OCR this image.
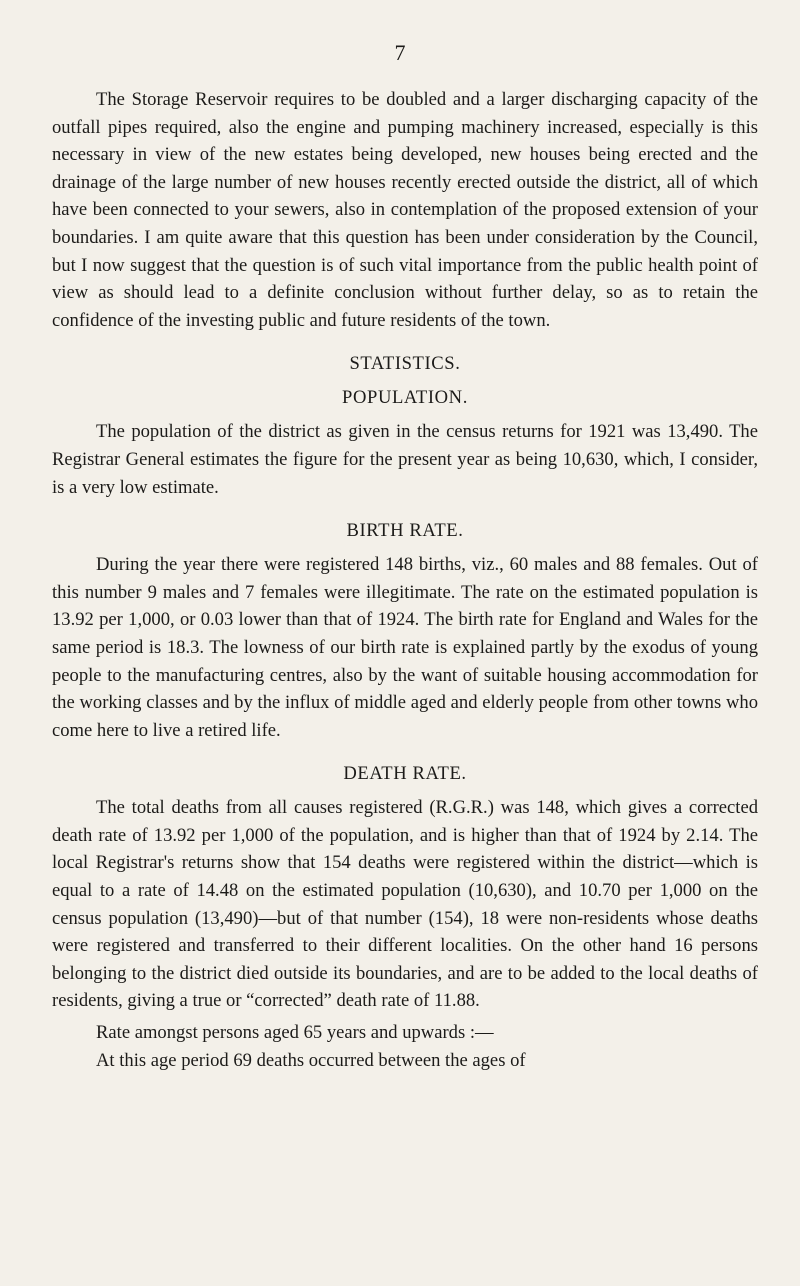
7

The Storage Reservoir requires to be doubled and a larger discharging capacity of the outfall pipes required, also the engine and pumping machinery increased, especially is this necessary in view of the new estates being developed, new houses being erected and the drainage of the large number of new houses recently erected outside the district, all of which have been connected to your sewers, also in contemplation of the proposed extension of your boundaries. I am quite aware that this question has been under consideration by the Council, but I now suggest that the question is of such vital importance from the public health point of view as should lead to a definite conclusion without further delay, so as to retain the confidence of the investing public and future residents of the town.

STATISTICS.
POPULATION.

The population of the district as given in the census returns for 1921 was 13,490. The Registrar General estimates the figure for the present year as being 10,630, which, I consider, is a very low estimate.

BIRTH RATE.

During the year there were registered 148 births, viz., 60 males and 88 females. Out of this number 9 males and 7 females were illegitimate. The rate on the estimated population is 13.92 per 1,000, or 0.03 lower than that of 1924. The birth rate for England and Wales for the same period is 18.3. The lowness of our birth rate is explained partly by the exodus of young people to the manufacturing centres, also by the want of suitable housing accommodation for the working classes and by the influx of middle aged and elderly people from other towns who come here to live a retired life.

DEATH RATE.

The total deaths from all causes registered (R.G.R.) was 148, which gives a corrected death rate of 13.92 per 1,000 of the population, and is higher than that of 1924 by 2.14. The local Registrar's returns show that 154 deaths were registered within the district—which is equal to a rate of 14.48 on the estimated population (10,630), and 10.70 per 1,000 on the census population (13,490)—but of that number (154), 18 were non-residents whose deaths were registered and transferred to their different localities. On the other hand 16 persons belonging to the district died outside its boundaries, and are to be added to the local deaths of residents, giving a true or “corrected” death rate of 11.88.

Rate amongst persons aged 65 years and upwards :—

At this age period 69 deaths occurred between the ages of
